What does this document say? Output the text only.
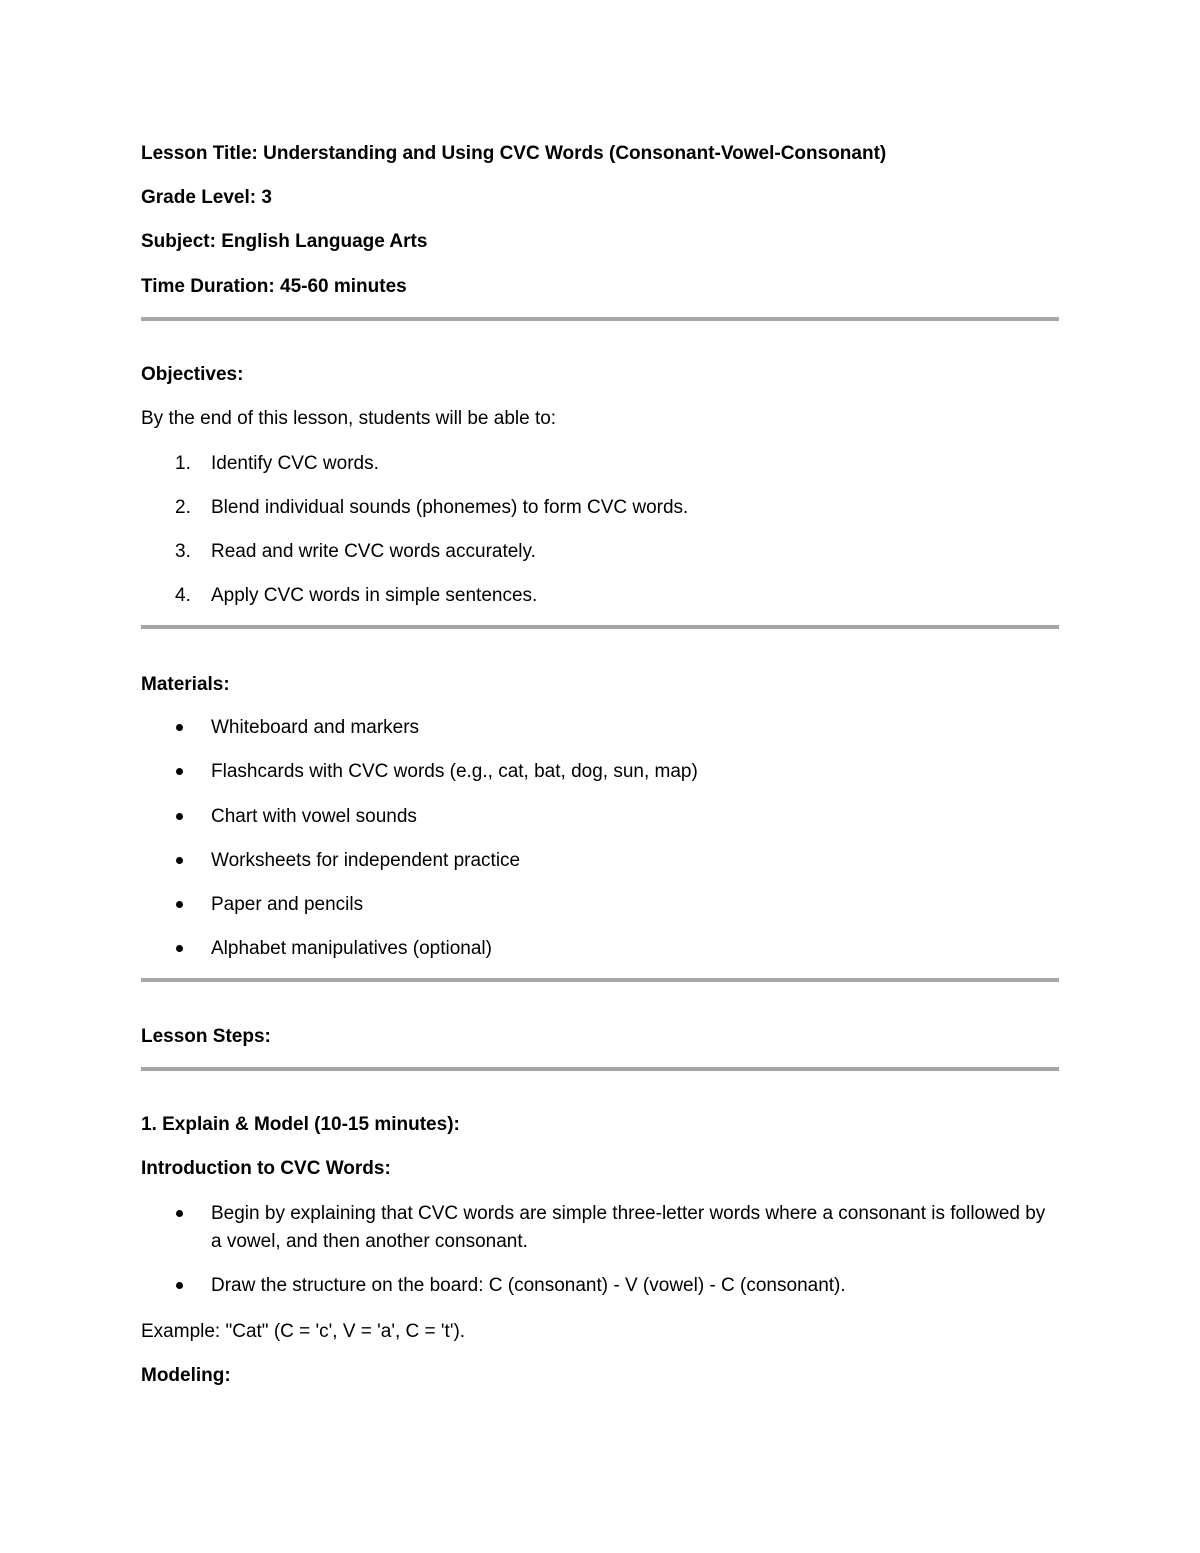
Lesson Title: Understanding and Using CVC Words (Consonant-Vowel-Consonant)
Grade Level: 3
Subject: English Language Arts
Time Duration: 45-60 minutes
Objectives:
By the end of this lesson, students will be able to:
1. Identify CVC words.
2. Blend individual sounds (phonemes) to form CVC words.
3. Read and write CVC words accurately.
4. Apply CVC words in simple sentences.
Materials:
Whiteboard and markers
Flashcards with CVC words (e.g., cat, bat, dog, sun, map)
Chart with vowel sounds
Worksheets for independent practice
Paper and pencils
Alphabet manipulatives (optional)
Lesson Steps:
1. Explain & Model (10-15 minutes):
Introduction to CVC Words:
Begin by explaining that CVC words are simple three-letter words where a consonant is followed by a vowel, and then another consonant.
Draw the structure on the board: C (consonant) - V (vowel) - C (consonant).
Example: "Cat" (C = 'c', V = 'a', C = 't').
Modeling:
